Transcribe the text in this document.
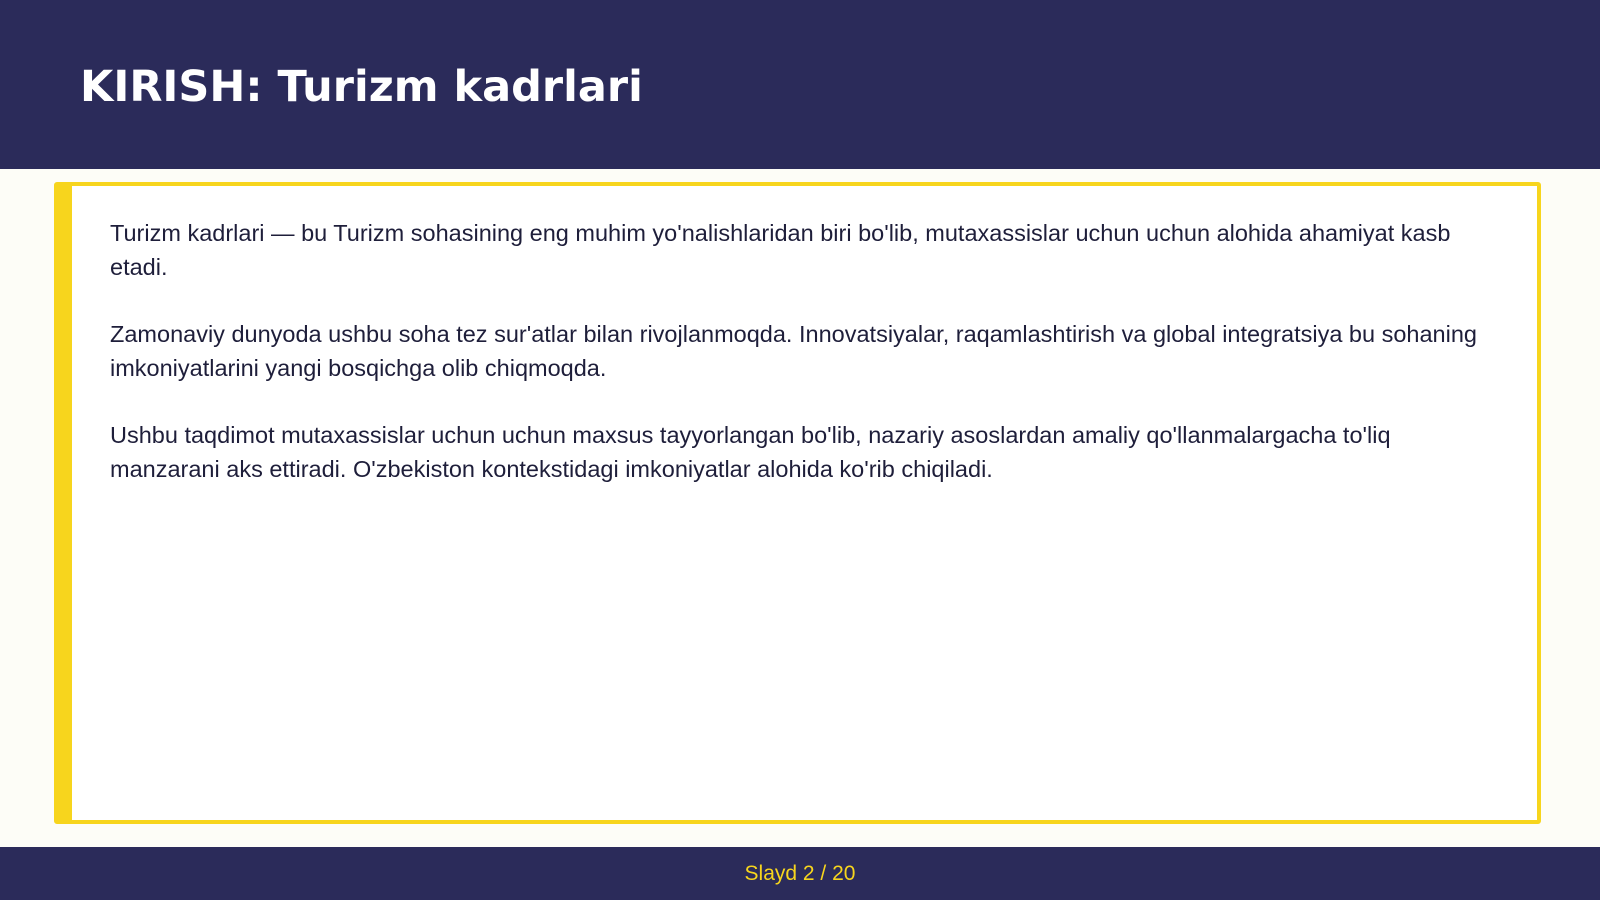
KIRISH: Turizm kadrlari

Turizm kadrlari — bu Turizm sohasining eng muhim yo'nalishlaridan biri bo'lib, mutaxassislar uchun uchun alohida ahamiyat kasb etadi.

Zamonaviy dunyoda ushbu soha tez sur'atlar bilan rivojlanmoqda. Innovatsiyalar, raqamlashtirish va global integratsiya bu sohaning imkoniyatlarini yangi bosqichga olib chiqmoqda.

Ushbu taqdimot mutaxassislar uchun uchun maxsus tayyorlangan bo'lib, nazariy asoslardan amaliy qo'llanmalargacha to'liq manzarani aks ettiradi. O'zbekiston kontekstidagi imkoniyatlar alohida ko'rib chiqiladi.

Slayd 2 / 20
